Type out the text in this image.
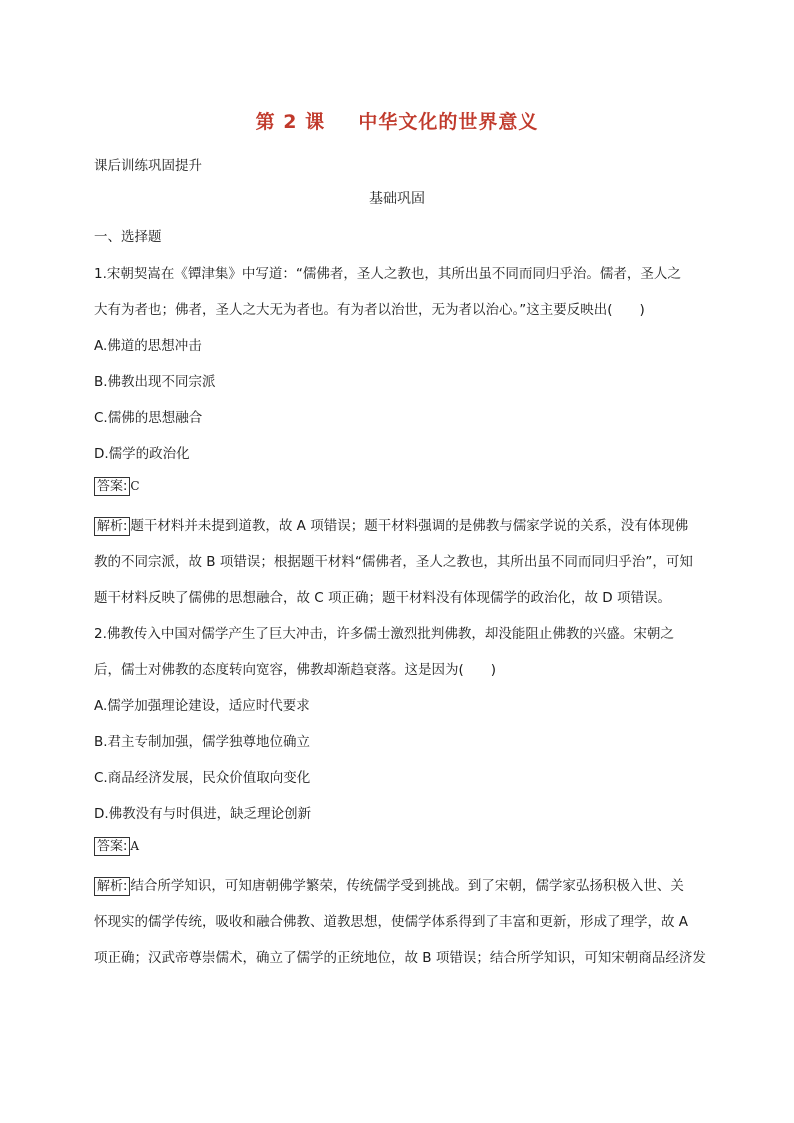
第 2 课 中华文化的世界意义
课后训练巩固提升
基础巩固
一、选择题
1.宋朝契嵩在《镡津集》中写道：“儒佛者，圣人之教也，其所出虽不同而同归乎治。儒者，圣人之
大有为者也；佛者，圣人之大无为者也。有为者以治世，无为者以治心。”这主要反映出(　　)
A.佛道的思想冲击
B.佛教出现不同宗派
C.儒佛的思想融合
D.儒学的政治化
答案: C
解析: 题干材料并未提到道教，故 A 项错误；题干材料强调的是佛教与儒家学说的关系，没有体现佛
教的不同宗派，故 B 项错误；根据题干材料“儒佛者，圣人之教也，其所出虽不同而同归乎治”，可知
题干材料反映了儒佛的思想融合，故 C 项正确；题干材料没有体现儒学的政治化，故 D 项错误。
2.佛教传入中国对儒学产生了巨大冲击，许多儒士激烈批判佛教，却没能阻止佛教的兴盛。宋朝之
后，儒士对佛教的态度转向宽容，佛教却渐趋衰落。这是因为(　　)
A.儒学加强理论建设，适应时代要求
B.君主专制加强，儒学独尊地位确立
C.商品经济发展，民众价值取向变化
D.佛教没有与时俱进，缺乏理论创新
答案: A
解析: 结合所学知识，可知唐朝佛学繁荣，传统儒学受到挑战。到了宋朝，儒学家弘扬积极入世、关
怀现实的儒学传统，吸收和融合佛教、道教思想，使儒学体系得到了丰富和更新，形成了理学，故 A
项正确；汉武帝尊崇儒术，确立了儒学的正统地位，故 B 项错误；结合所学知识，可知宋朝商品经济发
